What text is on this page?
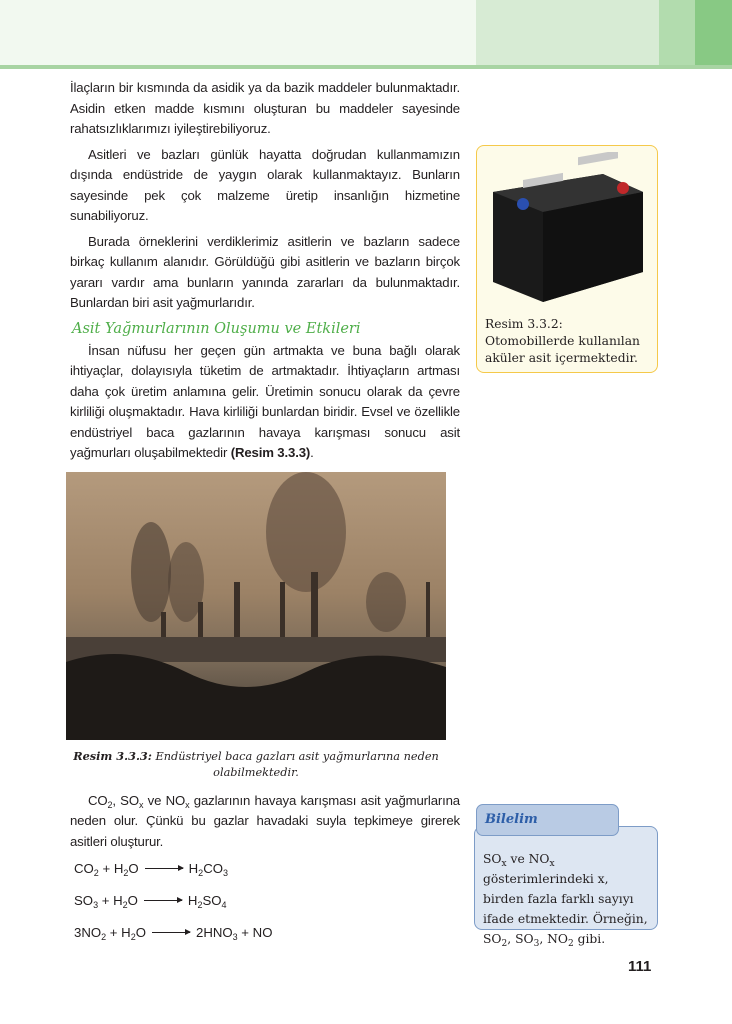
İlaçların bir kısmında da asidik ya da bazik maddeler bulunmaktadır. Asidin etken madde kısmını oluşturan bu maddeler sayesinde rahatsızlıklarımızı iyileştirebiliyoruz.

Asitleri ve bazları günlük hayatta doğrudan kullanmamızın dışında endüstride de yaygın olarak kullanmaktayız. Bunların sayesinde pek çok malzeme üretip insanlığın hizmetine sunabiliyoruz.

Burada örneklerini verdiklerimiz asitlerin ve bazların sadece birkaç kullanım alanıdır. Görüldüğü gibi asitlerin ve bazların birçok yararı vardır ama bunların yanında zararları da bulunmaktadır. Bunlardan biri asit yağmurlarıdır.

Asit Yağmurlarının Oluşumu ve Etkileri

İnsan nüfusu her geçen gün artmakta ve buna bağlı olarak ihtiyaçlar, dolayısıyla tüketim de artmaktadır. İhtiyaçların artması daha çok üretim anlamına gelir. Üretimin sonucu olarak da çevre kirliliği oluşmaktadır. Hava kirliliği bunlardan biridir. Evsel ve özellikle endüstriyel baca gazlarının havaya karışması sonucu asit yağmurları oluşabilmektedir (Resim 3.3.3).

Resim 3.3.3: Endüstriyel baca gazları asit yağmurlarına neden olabilmektedir.

$CO_2$, $SO_x$ ve $NO_x$ gazlarının havaya karışması asit yağmurlarına neden olur. Çünkü bu gazlar havadaki suyla tepkimeye girerek asitleri oluşturur.

$CO_2 + H_2O \to H_2CO_3$
$SO_3 + H_2O \to H_2SO_4$
$3NO_2 + H_2O \to 2HNO_3$ + NO
Resim 3.3.2: Otomobillerde kullanılan aküler asit içermektedir.
$SO_x$ ve $NO_x$ gösterimlerindeki x, birden fazla farklı sayıyı ifade etmektedir. Örneğin, $SO_2$, $SO_3$, $NO_2$ gibi.
Bilelim
111
